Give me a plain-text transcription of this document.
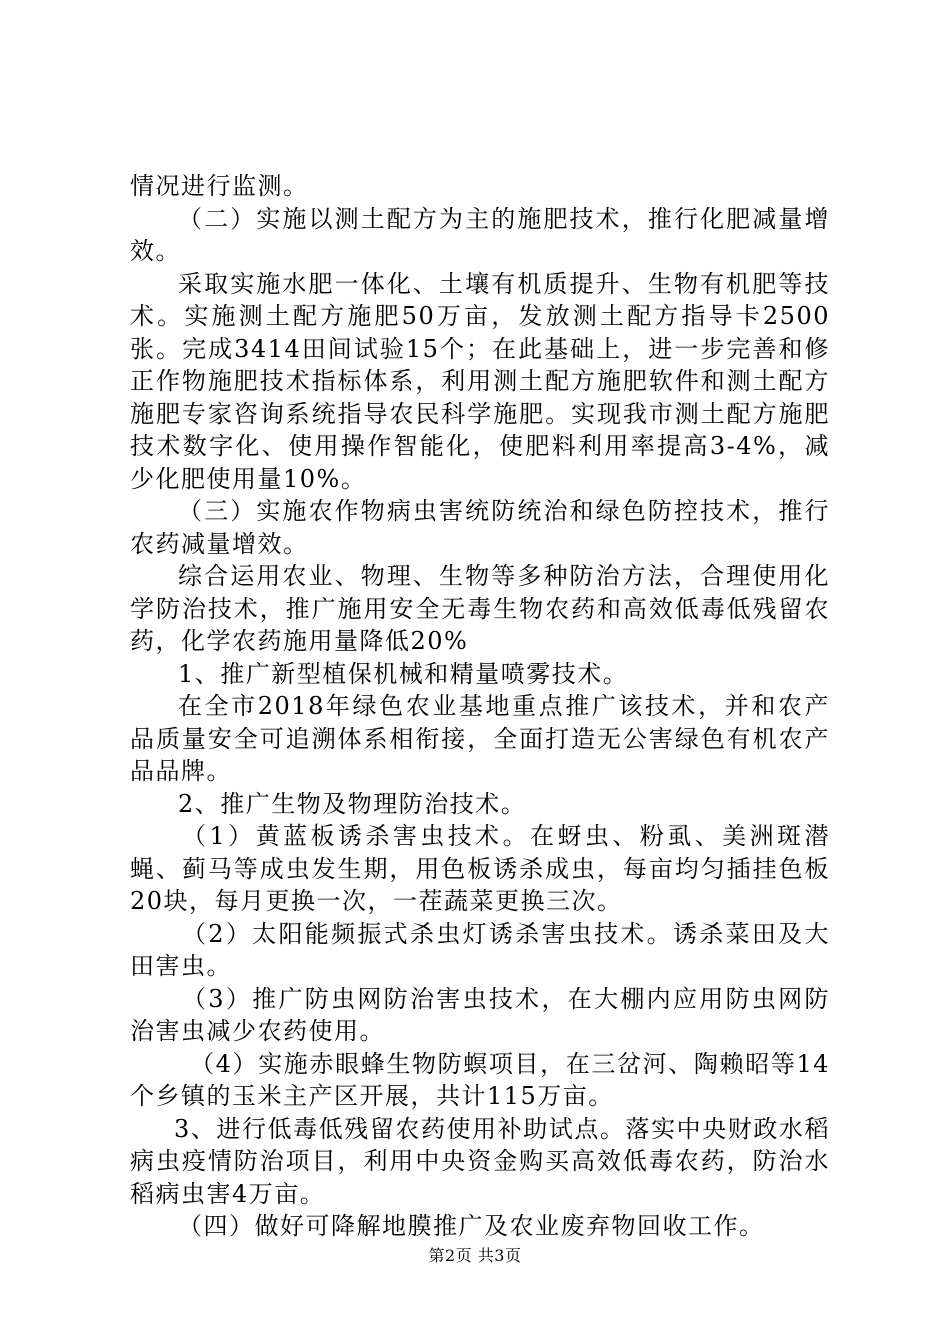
情况进行监测。

（二）实施以测土配方为主的施肥技术，推行化肥减量增效。

采取实施水肥一体化、土壤有机质提升、生物有机肥等技术。实施测土配方施肥50万亩，发放测土配方指导卡2500张。完成3414田间试验15个；在此基础上，进一步完善和修正作物施肥技术指标体系，利用测土配方施肥软件和测土配方施肥专家咨询系统指导农民科学施肥。实现我市测土配方施肥技术数字化、使用操作智能化，使肥料利用率提高3-4%，减少化肥使用量10%。

（三）实施农作物病虫害统防统治和绿色防控技术，推行农药减量增效。

综合运用农业、物理、生物等多种防治方法，合理使用化学防治技术，推广施用安全无毒生物农药和高效低毒低残留农药，化学农药施用量降低20%

1、推广新型植保机械和精量喷雾技术。

在全市2018年绿色农业基地重点推广该技术，并和农产品质量安全可追溯体系相衔接，全面打造无公害绿色有机农产品品牌。

2、推广生物及物理防治技术。

（1）黄蓝板诱杀害虫技术。在蚜虫、粉虱、美洲斑潜蝇、蓟马等成虫发生期，用色板诱杀成虫，每亩均匀插挂色板20块，每月更换一次，一茬蔬菜更换三次。

（2）太阳能频振式杀虫灯诱杀害虫技术。诱杀菜田及大田害虫。

（3）推广防虫网防治害虫技术，在大棚内应用防虫网防治害虫减少农药使用。

（4）实施赤眼蜂生物防螟项目，在三岔河、陶赖昭等14个乡镇的玉米主产区开展，共计115万亩。

3、进行低毒低残留农药使用补助试点。落实中央财政水稻病虫疫情防治项目，利用中央资金购买高效低毒农药，防治水稻病虫害4万亩。

（四）做好可降解地膜推广及农业废弃物回收工作。

第2页 共3页
